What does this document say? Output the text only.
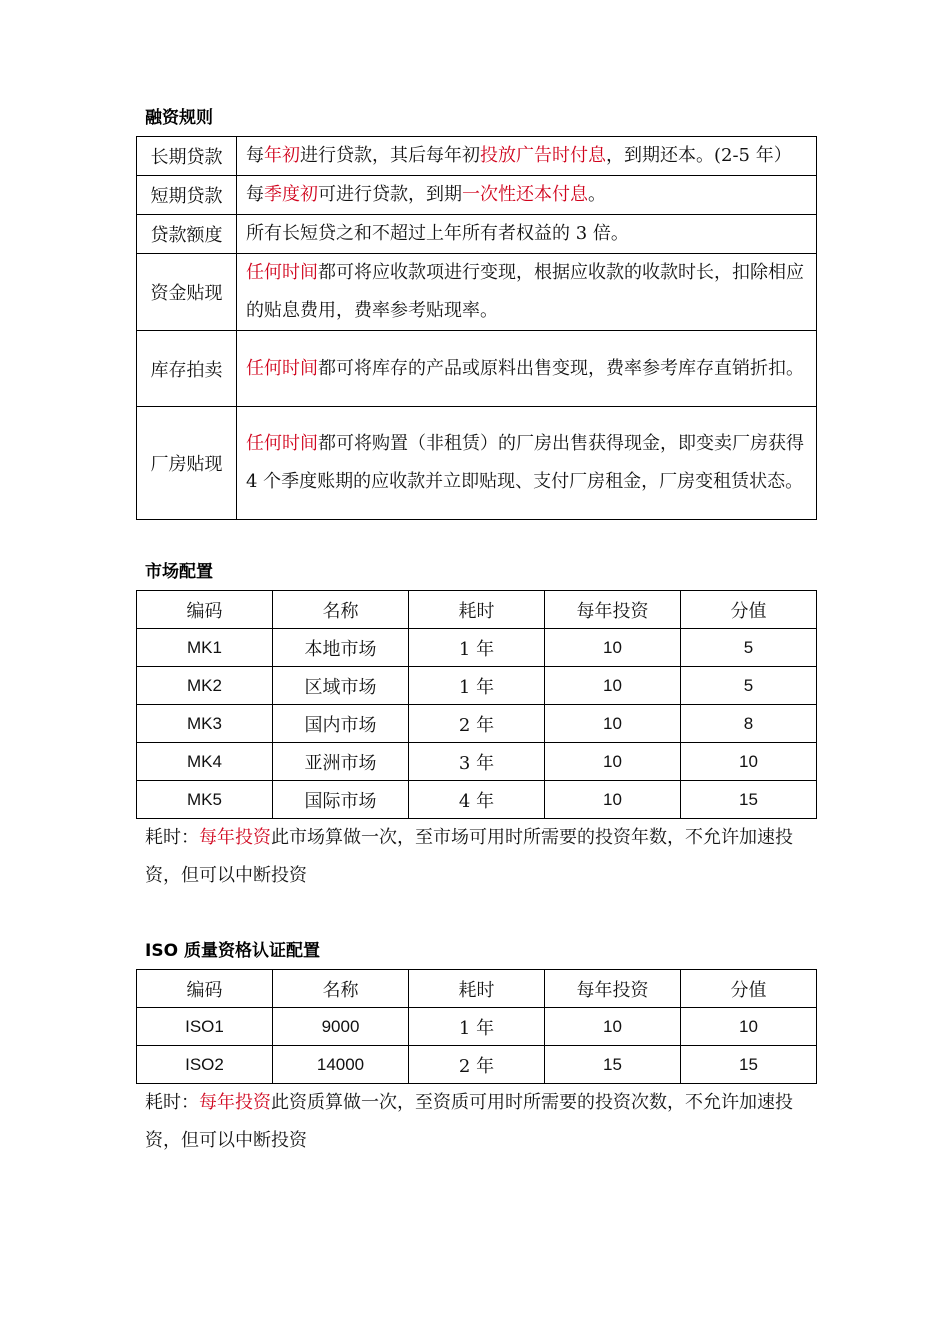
融资规则
长期贷款	每年初进行贷款，其后每年初投放广告时付息，到期还本。(2-5 年）
短期贷款	每季度初可进行贷款，到期一次性还本付息。
贷款额度	所有长短贷之和不超过上年所有者权益的 3 倍。
资金贴现	任何时间都可将应收款项进行变现，根据应收款的收款时长，扣除相应的贴息费用，费率参考贴现率。
库存拍卖	任何时间都可将库存的产品或原料出售变现，费率参考库存直销折扣。
厂房贴现	任何时间都可将购置（非租赁）的厂房出售获得现金，即变卖厂房获得 4 个季度账期的应收款并立即贴现、支付厂房租金，厂房变租赁状态。
市场配置
编码	名称	耗时	每年投资	分值
MK1	本地市场	1 年	10	5
MK2	区域市场	1 年	10	5
MK3	国内市场	2 年	10	8
MK4	亚洲市场	3 年	10	10
MK5	国际市场	4 年	10	15
耗时：每年投资此市场算做一次，至市场可用时所需要的投资年数，不允许加速投资，但可以中断投资
ISO 质量资格认证配置
编码	名称	耗时	每年投资	分值
ISO1	9000	1 年	10	10
ISO2	14000	2 年	15	15
耗时：每年投资此资质算做一次，至资质可用时所需要的投资次数，不允许加速投资，但可以中断投资
